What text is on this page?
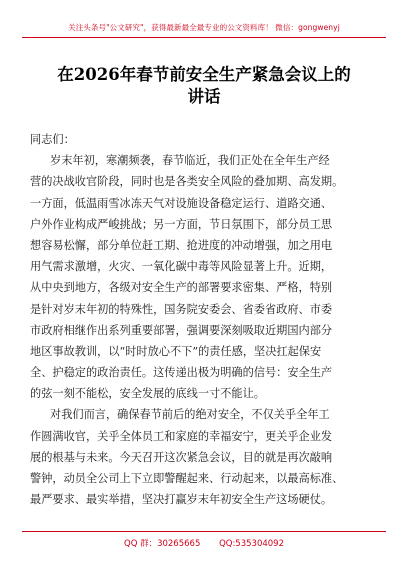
关注头条号"公文研究"，获得最新最全最专业的公文资料库！ 微信：gongwenyj
在2026年春节前安全生产紧急会议上的
讲话
同志们：
岁末年初，寒潮频袭，春节临近，我们正处在全年生产经
营的决战收官阶段，同时也是各类安全风险的叠加期、高发期。
一方面，低温雨雪冰冻天气对设施设备稳定运行、道路交通、
户外作业构成严峻挑战；另一方面，节日氛围下，部分员工思
想容易松懈，部分单位赶工期、抢进度的冲动增强，加之用电
用气需求激增，火灾、一氧化碳中毒等风险显著上升。近期，
从中央到地方，各级对安全生产的部署要求密集、严格，特别
是针对岁末年初的特殊性，国务院安委会、省委省政府、市委
市政府相继作出系列重要部署，强调要深刻吸取近期国内部分
地区事故教训，以“时时放心不下”的责任感，坚决扛起保安
全、护稳定的政治责任。这传递出极为明确的信号：安全生产
的弦一刻不能松，安全发展的底线一寸不能让。
对我们而言，确保春节前后的绝对安全，不仅关乎全年工
作圆满收官，关乎全体员工和家庭的幸福安宁，更关乎企业发
展的根基与未来。今天召开这次紧急会议，目的就是再次敲响
警钟，动员全公司上下立即警醒起来、行动起来，以最高标准、
最严要求、最实举措，坚决打赢岁末年初安全生产这场硬仗。
QQ 群：30265665 QQ:535304092
